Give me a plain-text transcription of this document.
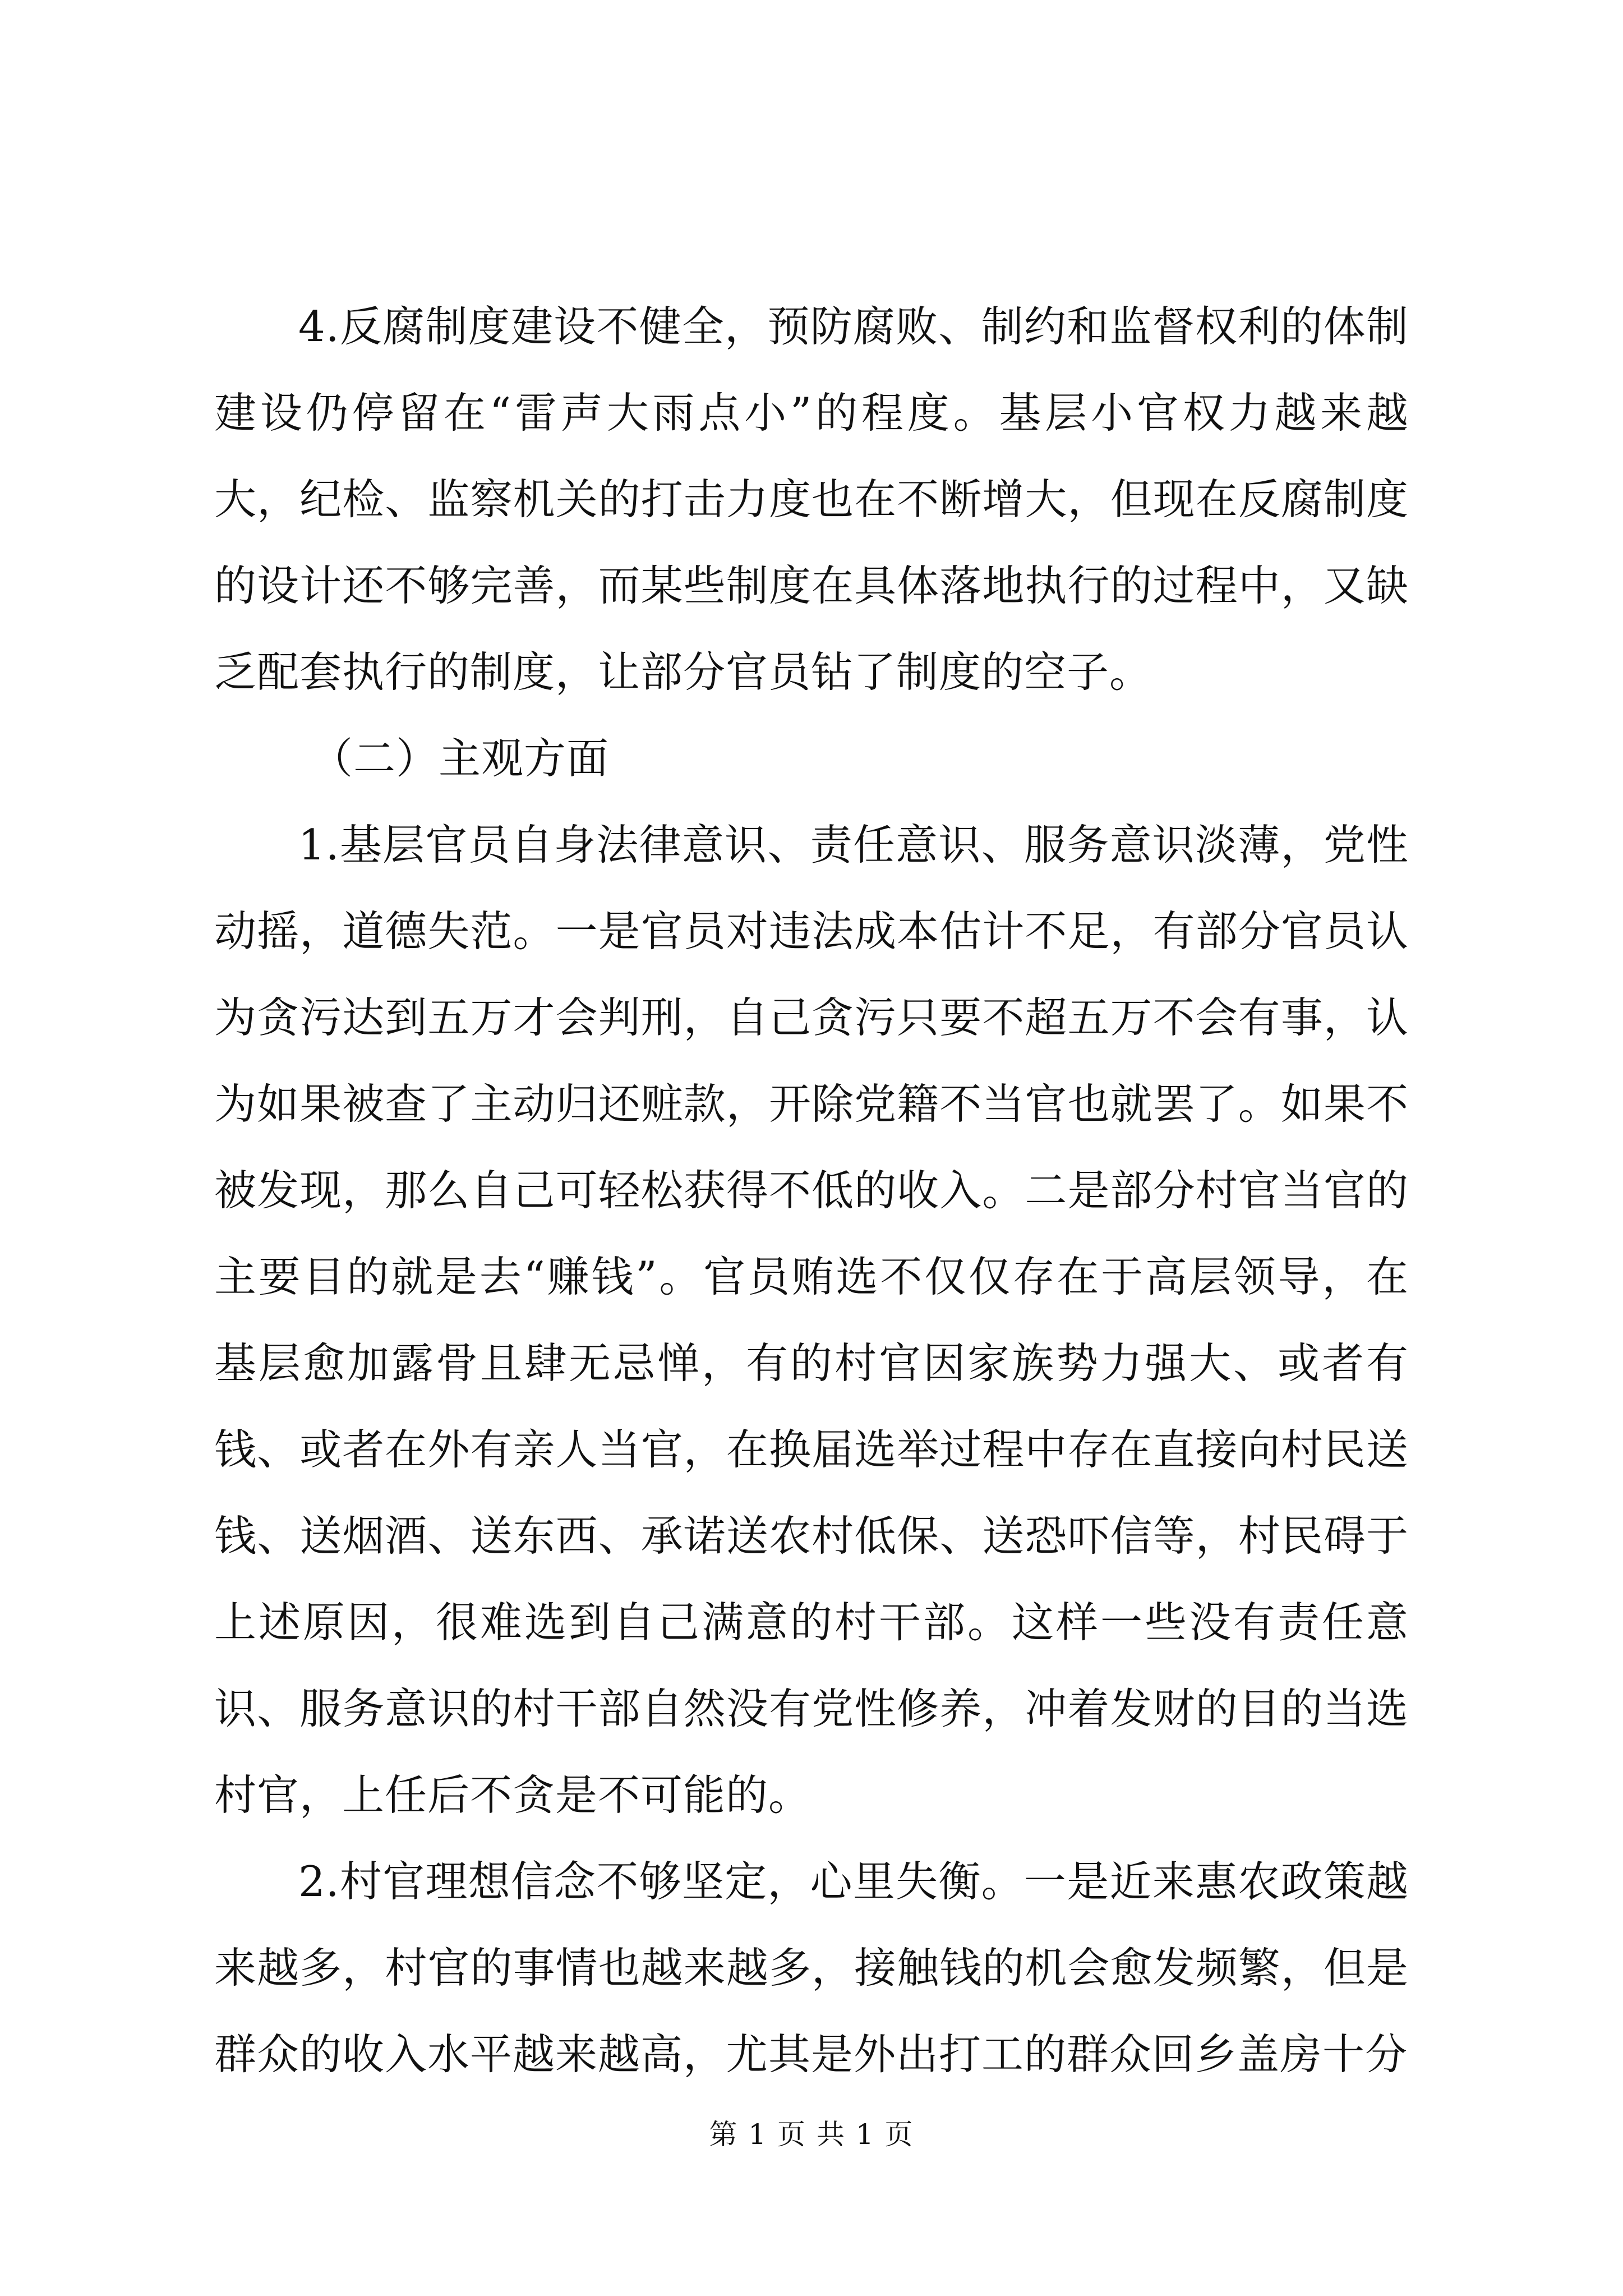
4.反腐制度建设不健全，预防腐败、制约和监督权利的体制建设仍停留在“雷声大雨点小”的程度。基层小官权力越来越大，纪检、监察机关的打击力度也在不断增大，但现在反腐制度的设计还不够完善，而某些制度在具体落地执行的过程中，又缺乏配套执行的制度，让部分官员钻了制度的空子。

（二）主观方面

1.基层官员自身法律意识、责任意识、服务意识淡薄，党性动摇，道德失范。一是官员对违法成本估计不足，有部分官员认为贪污达到五万才会判刑，自己贪污只要不超五万不会有事，认为如果被查了主动归还赃款，开除党籍不当官也就罢了。如果不被发现，那么自己可轻松获得不低的收入。二是部分村官当官的主要目的就是去“赚钱”。官员贿选不仅仅存在于高层领导，在基层愈加露骨且肆无忌惮，有的村官因家族势力强大、或者有钱、或者在外有亲人当官，在换届选举过程中存在直接向村民送钱、送烟酒、送东西、承诺送农村低保、送恐吓信等，村民碍于上述原因，很难选到自己满意的村干部。这样一些没有责任意识、服务意识的村干部自然没有党性修养，冲着发财的目的当选村官，上任后不贪是不可能的。

2.村官理想信念不够坚定，心里失衡。一是近来惠农政策越来越多，村官的事情也越来越多，接触钱的机会愈发频繁，但是群众的收入水平越来越高，尤其是外出打工的群众回乡盖房十分

第 1 页 共 1 页
